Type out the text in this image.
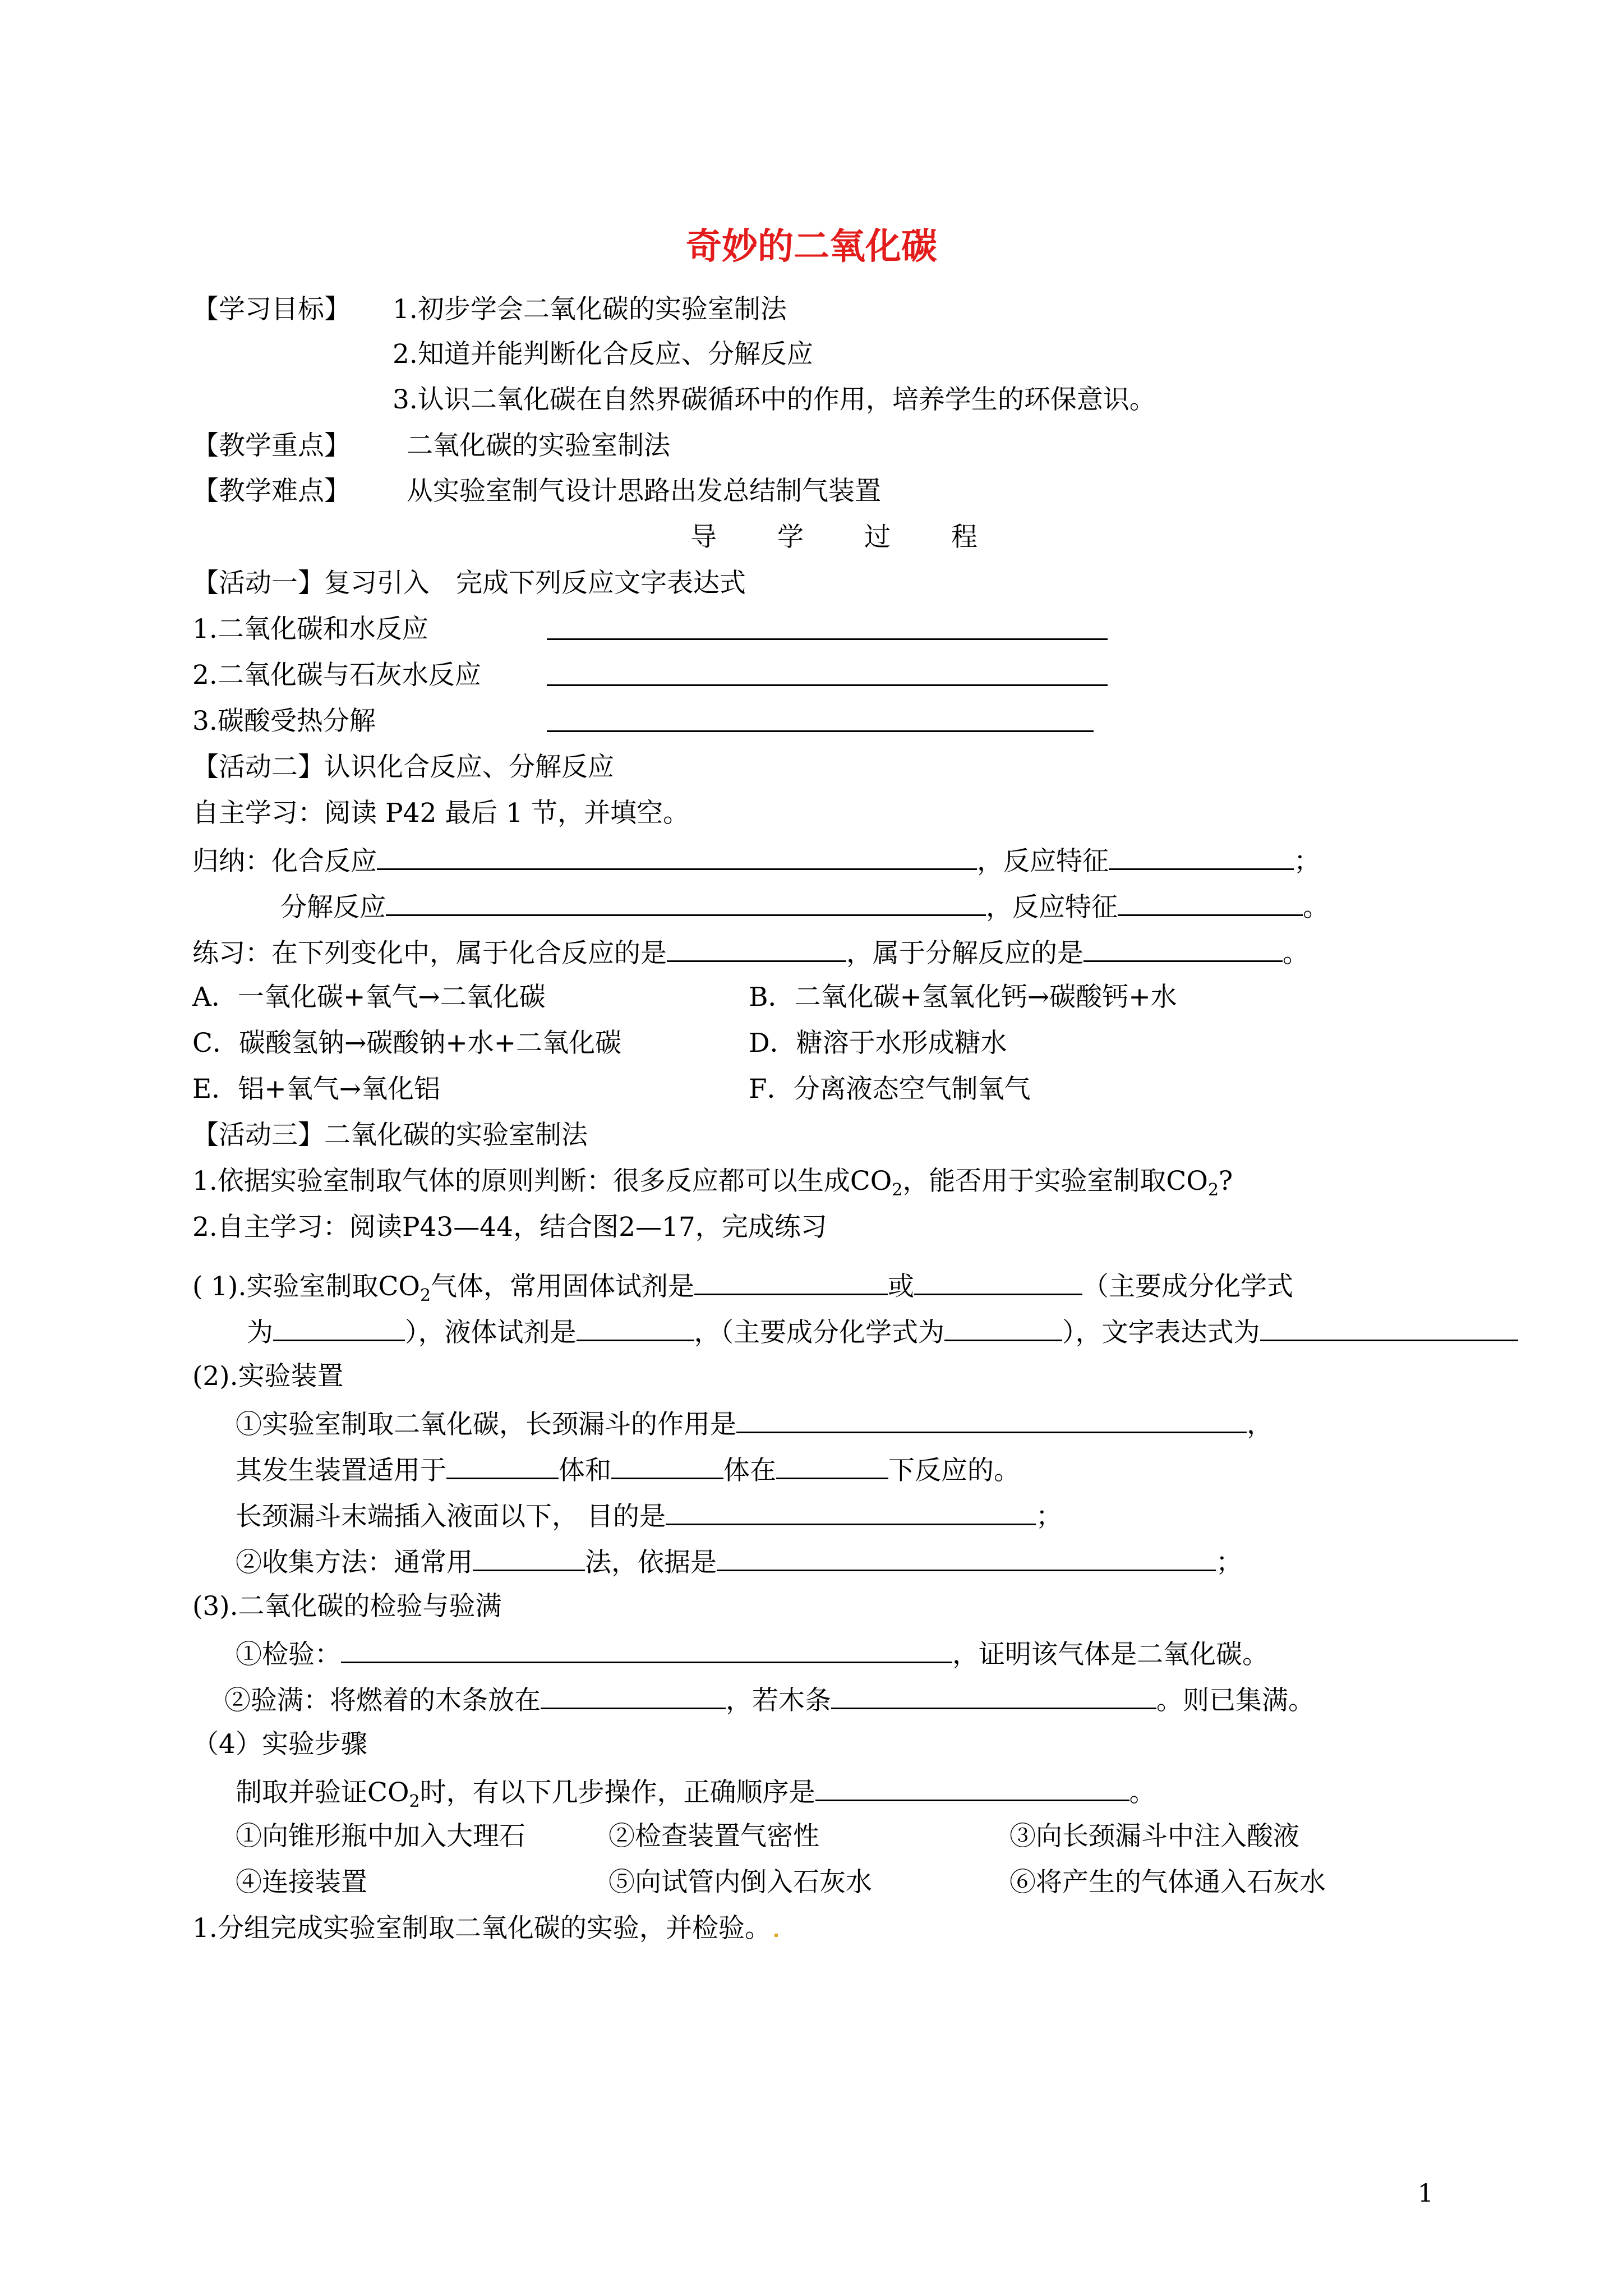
奇妙的二氧化碳
【学习目标】 1.初步学会二氧化碳的实验室制法
2.知道并能判断化合反应、分解反应
3.认识二氧化碳在自然界碳循环中的作用，培养学生的环保意识。
【教学重点】 二氧化碳的实验室制法
【教学难点】 从实验室制气设计思路出发总结制气装置
导 学 过 程
【活动一】复习引入　完成下列反应文字表达式
1.二氧化碳和水反应
2.二氧化碳与石灰水反应
3.碳酸受热分解
【活动二】认识化合反应、分解反应
自主学习：阅读 P42 最后 1 节，并填空。
归纳：化合反应	，反应特征	；
分解反应	，反应特征	。
练习：在下列变化中，属于化合反应的是	，属于分解反应的是	。
A．一氧化碳+氧气→二氧化碳	B．二氧化碳+氢氧化钙→碳酸钙+水
C．碳酸氢钠→碳酸钠+水+二氧化碳	D．糖溶于水形成糖水
E．铝+氧气→氧化铝	F．分离液态空气制氧气
【活动三】二氧化碳的实验室制法
1.依据实验室制取气体的原则判断：很多反应都可以生成$CO_2$，能否用于实验室制取$CO_2$?
2.自主学习：阅读P43—44，结合图2—17，完成练习
( 1).实验室制取$CO_2$气体，常用固体试剂是	或	（主要成分化学式
为	），液体试剂是	，（主要成分化学式为	），文字表达式为
(2).实验装置
①实验室制取二氧化碳，长颈漏斗的作用是	，
其发生装置适用于	体和	体在	下反应的。
长颈漏斗末端插入液面以下， 目的是	；
②收集方法：通常用	法，依据是	；
(3).二氧化碳的检验与验满
①检验：	，证明该气体是二氧化碳。
②验满：将燃着的木条放在	，若木条	。则已集满。
（4）实验步骤
制取并验证$CO_2$时，有以下几步操作，正确顺序是	。
①向锥形瓶中加入大理石	②检查装置气密性	③向长颈漏斗中注入酸液
④连接装置	⑤向试管内倒入石灰水	⑥将产生的气体通入石灰水
1.分组完成实验室制取二氧化碳的实验，并检验。
1
